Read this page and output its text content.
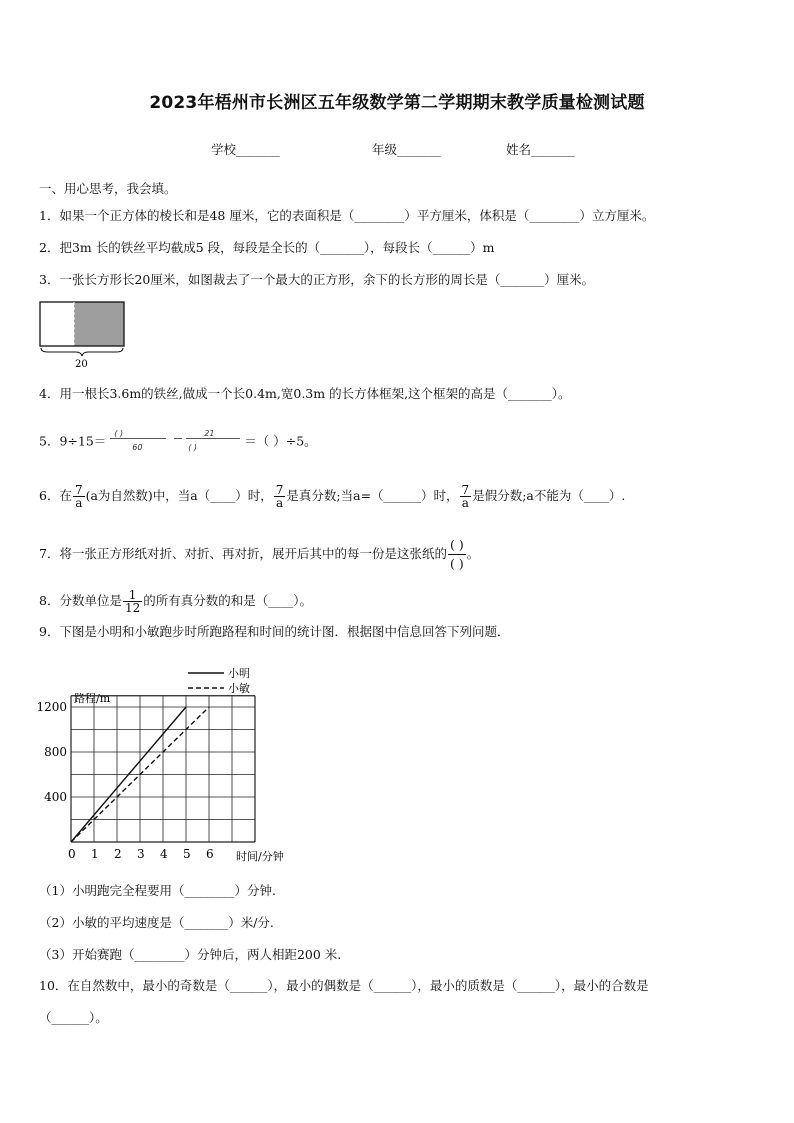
2023年梧州市长洲区五年级数学第二学期期末教学质量检测试题
学校_______	年级_______	姓名_______
一、用心思考，我会填。
1．如果一个正方体的棱长和是48 厘米，它的表面积是（________）平方厘米，体积是（________）立方厘米。
2．把3m 长的铁丝平均截成5 段，每段是全长的（_______），每段长（______）m
3．一张长方形长20厘米，如图裁去了一个最大的正方形，余下的长方形的周长是（_______）厘米。
20
4．用一根长3.6m的铁丝,做成一个长0.4m,宽0.3m 的长方体框架,这个框架的高是（_______）。
5．9÷15＝ ( )
60

21
( )	＝（ ）÷5。
6．在 $\frac{7}{a} (a$为自然数)中，当a（____）时， $\frac{7}{a}$ 是真分数;当a=（______）时， $\frac{7}{a}$ 是假分数;a不能为（____）.
7．将一张正方形纸对折、对折、再对折，展开后其中的每一份是这张纸的 $\frac{( )}{( )}$ 。
8．分数单位是 $\frac{1}{12}$ 的所有真分数的和是（____）。
9．下图是小明和小敏跑步时所跑路程和时间的统计图．根据图中信息回答下列问题．
路程/m
时间/分钟
0 1 2 3 4 5 6
400
800
1200
小明
小敏
（1）小明跑完全程要用（________）分钟.
（2）小敏的平均速度是（_______）米/分.
（3）开始赛跑（________）分钟后，两人相距200 米.
10．在自然数中，最小的奇数是（______），最小的偶数是（______），最小的质数是（______），最小的合数是
（______）。
